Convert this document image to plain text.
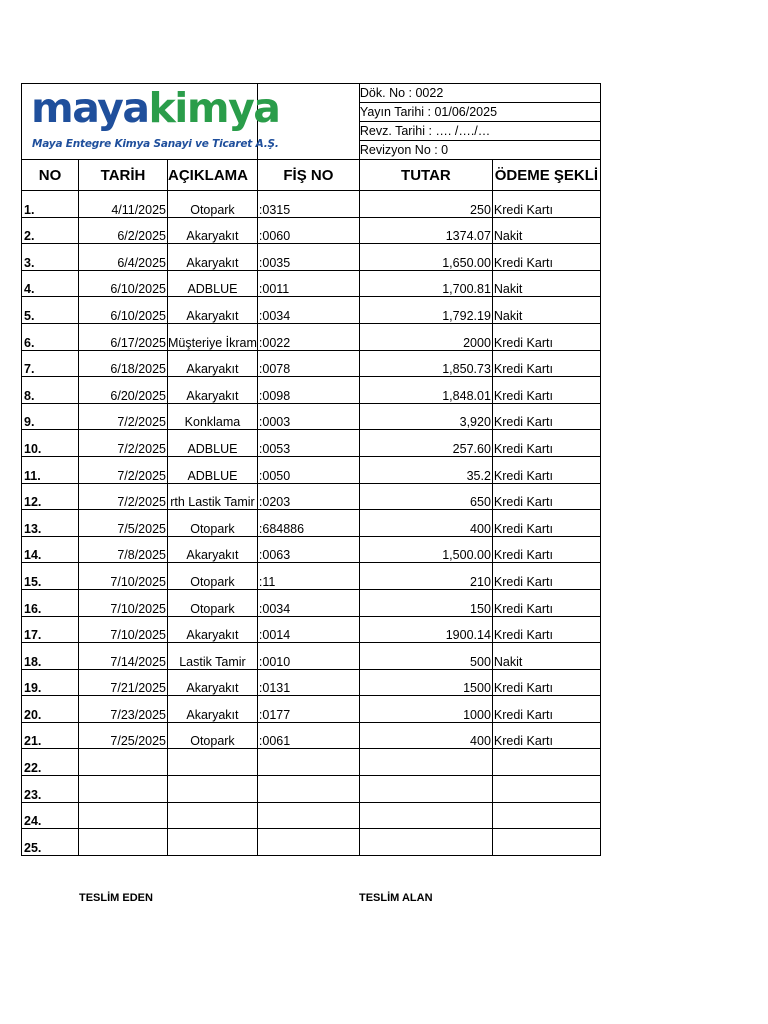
mayakimya
Maya Entegre Kimya Sanayi ve Ticaret A.Ş.				Dök. No : 0022	
				Yayın Tarihi : 01/06/2025	
				Revz. Tarihi : …. /…./…	
				Revizyon No : 0	
NO	TARİH	AÇIKLAMA	FİŞ NO	TUTAR	ÖDEME ŞEKLİ
1.	4/11/2025	Otopark	:0315	250	Kredi Kartı
2.	6/2/2025	Akaryakıt	:0060	1374.07	Nakit
3.	6/4/2025	Akaryakıt	:0035	1,650.00	Kredi Kartı
4.	6/10/2025	ADBLUE	:0011	1,700.81	Nakit
5.	6/10/2025	Akaryakıt	:0034	1,792.19	Nakit
6.	6/17/2025	Müşteriye İkram	:0022	2000	Kredi Kartı
7.	6/18/2025	Akaryakıt	:0078	1,850.73	Kredi Kartı
8.	6/20/2025	Akaryakıt	:0098	1,848.01	Kredi Kartı
9.	7/2/2025	Konklama	:0003	3,920	Kredi Kartı
10.	7/2/2025	ADBLUE	:0053	257.60	Kredi Kartı
11.	7/2/2025	ADBLUE	:0050	35.2	Kredi Kartı
12.	7/2/2025	rth Lastik Tamir	:0203	650	Kredi Kartı
13.	7/5/2025	Otopark	:684886	400	Kredi Kartı
14.	7/8/2025	Akaryakıt	:0063	1,500.00	Kredi Kartı
15.	7/10/2025	Otopark	:11	210	Kredi Kartı
16.	7/10/2025	Otopark	:0034	150	Kredi Kartı
17.	7/10/2025	Akaryakıt	:0014	1900.14	Kredi Kartı
18.	7/14/2025	Lastik Tamir	:0010	500	Nakit
19.	7/21/2025	Akaryakıt	:0131	1500	Kredi Kartı
20.	7/23/2025	Akaryakıt	:0177	1000	Kredi Kartı
21.	7/25/2025	Otopark	:0061	400	Kredi Kartı
22.					
23.					
24.					
25.					
TESLİM EDEN	TESLİM ALAN
